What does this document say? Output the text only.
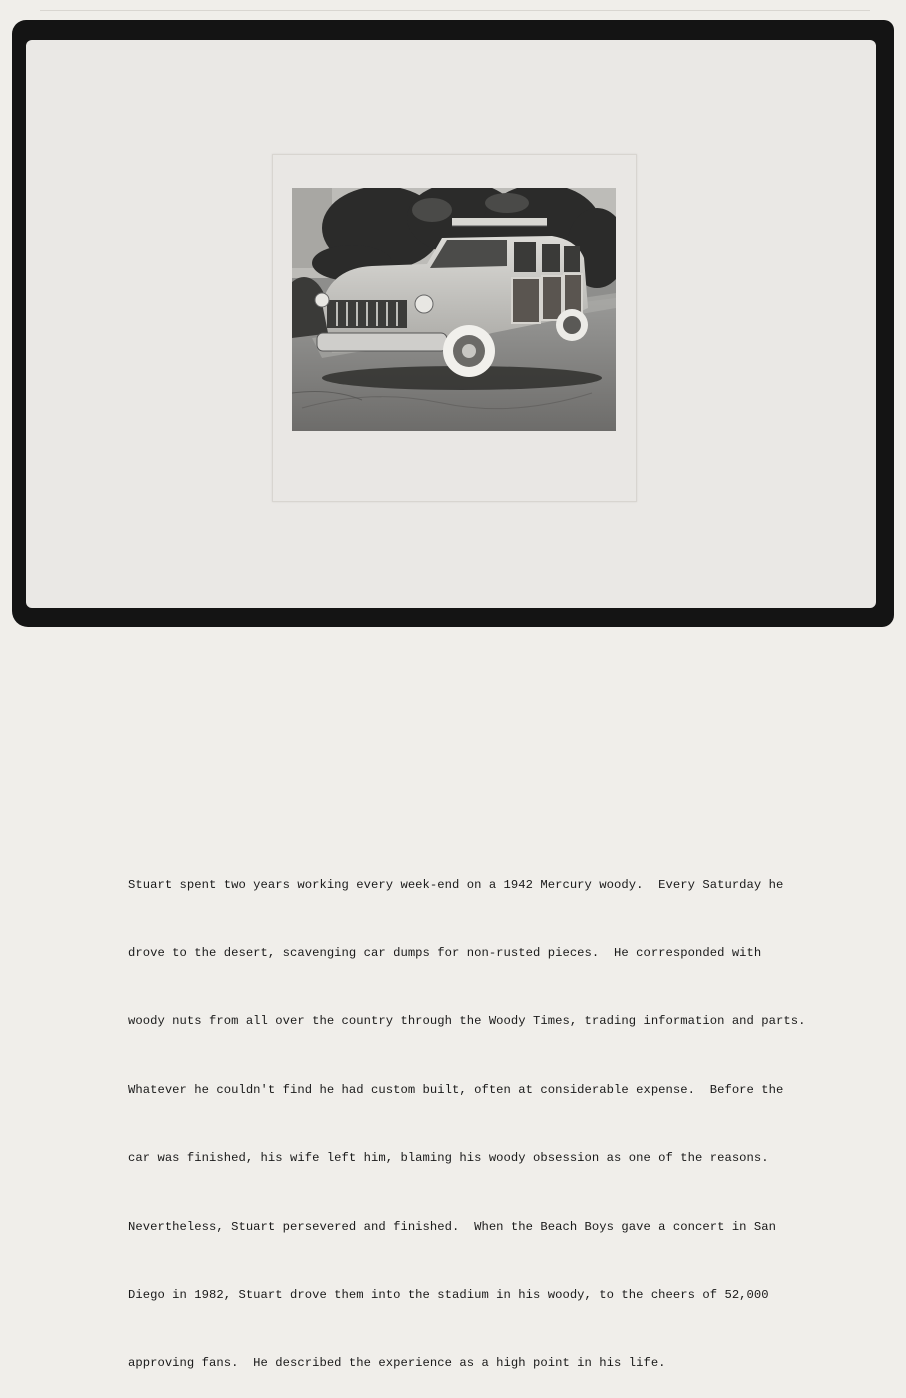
Stuart spent two years working every week-end on a 1942 Mercury woody.  Every Saturday he

drove to the desert, scavenging car dumps for non-rusted pieces.  He corresponded with

woody nuts from all over the country through the Woody Times, trading information and parts.

Whatever he couldn't find he had custom built, often at considerable expense.  Before the

car was finished, his wife left him, blaming his woody obsession as one of the reasons.

Nevertheless, Stuart persevered and finished.  When the Beach Boys gave a concert in San

Diego in 1982, Stuart drove them into the stadium in his woody, to the cheers of 52,000

approving fans.  He described the experience as a high point in his life.
